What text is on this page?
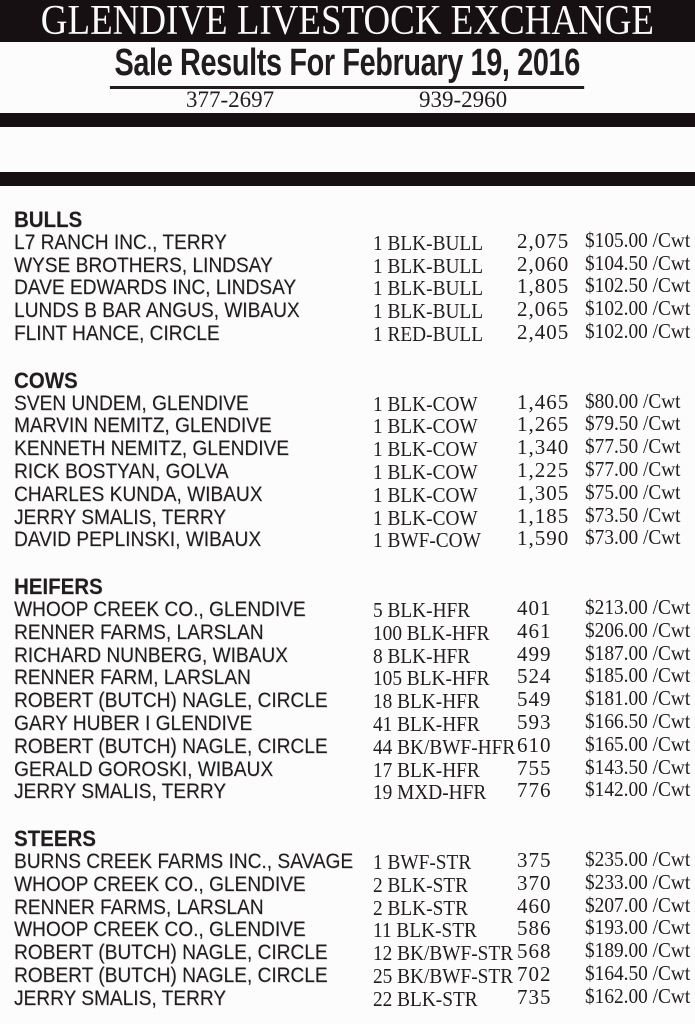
GLENDIVE LIVESTOCK EXCHANGE
Sale Results For February 19, 2016
377-2697	939-2960
BULLS
L7 RANCH INC., TERRY	1 BLK-BULL 2,075 $105.00 /Cwt
WYSE BROTHERS, LINDSAY	1 BLK-BULL 2,060 $104.50 /Cwt
DAVE EDWARDS INC, LINDSAY	1 BLK-BULL 1,805 $102.50 /Cwt
LUNDS B BAR ANGUS, WIBAUX	1 BLK-BULL 2,065 $102.00 /Cwt
FLINT HANCE, CIRCLE	1 RED-BULL 2,405 $102.00 /Cwt
COWS
SVEN UNDEM, GLENDIVE	1 BLK-COW 1,465 $80.00 /Cwt
MARVIN NEMITZ, GLENDIVE	1 BLK-COW 1,265 $79.50 /Cwt
KENNETH NEMITZ, GLENDIVE	1 BLK-COW 1,340 $77.50 /Cwt
RICK BOSTYAN, GOLVA	1 BLK-COW 1,225 $77.00 /Cwt
CHARLES KUNDA, WIBAUX	1 BLK-COW 1,305 $75.00 /Cwt
JERRY SMALIS, TERRY	1 BLK-COW 1,185 $73.50 /Cwt
DAVID PEPLINSKI, WIBAUX	1 BWF-COW 1,590 $73.00 /Cwt
HEIFERS
WHOOP CREEK CO., GLENDIVE	5 BLK-HFR 401 $213.00 /Cwt
RENNER FARMS, LARSLAN	100 BLK-HFR 461 $206.00 /Cwt
RICHARD NUNBERG, WIBAUX	8 BLK-HFR 499 $187.00 /Cwt
RENNER FARM, LARSLAN	105 BLK-HFR 524 $185.00 /Cwt
ROBERT (BUTCH) NAGLE, CIRCLE 18 BLK-HFR 549 $181.00 /Cwt
GARY HUBER I GLENDIVE	41 BLK-HFR 593 $166.50 /Cwt
ROBERT (BUTCH) NAGLE, CIRCLE 44 BK/BWF-HFR 610 $165.00 /Cwt
GERALD GOROSKI, WIBAUX	17 BLK-HFR 755 $143.50 /Cwt
JERRY SMALIS, TERRY	19 MXD-HFR 776 $142.00 /Cwt
STEERS
BURNS CREEK FARMS INC., SAVAGE 1 BWF-STR 375 $235.00 /Cwt
WHOOP CREEK CO., GLENDIVE	2 BLK-STR 370 $233.00 /Cwt
RENNER FARMS, LARSLAN	2 BLK-STR 460 $207.00 /Cwt
WHOOP CREEK CO., GLENDIVE	11 BLK-STR 586 $193.00 /Cwt
ROBERT (BUTCH) NAGLE, CIRCLE 12 BK/BWF-STR 568 $189.00 /Cwt
ROBERT (BUTCH) NAGLE, CIRCLE 25 BK/BWF-STR 702 $164.50 /Cwt
JERRY SMALIS, TERRY	22 BLK-STR 735 $162.00 /Cwt
